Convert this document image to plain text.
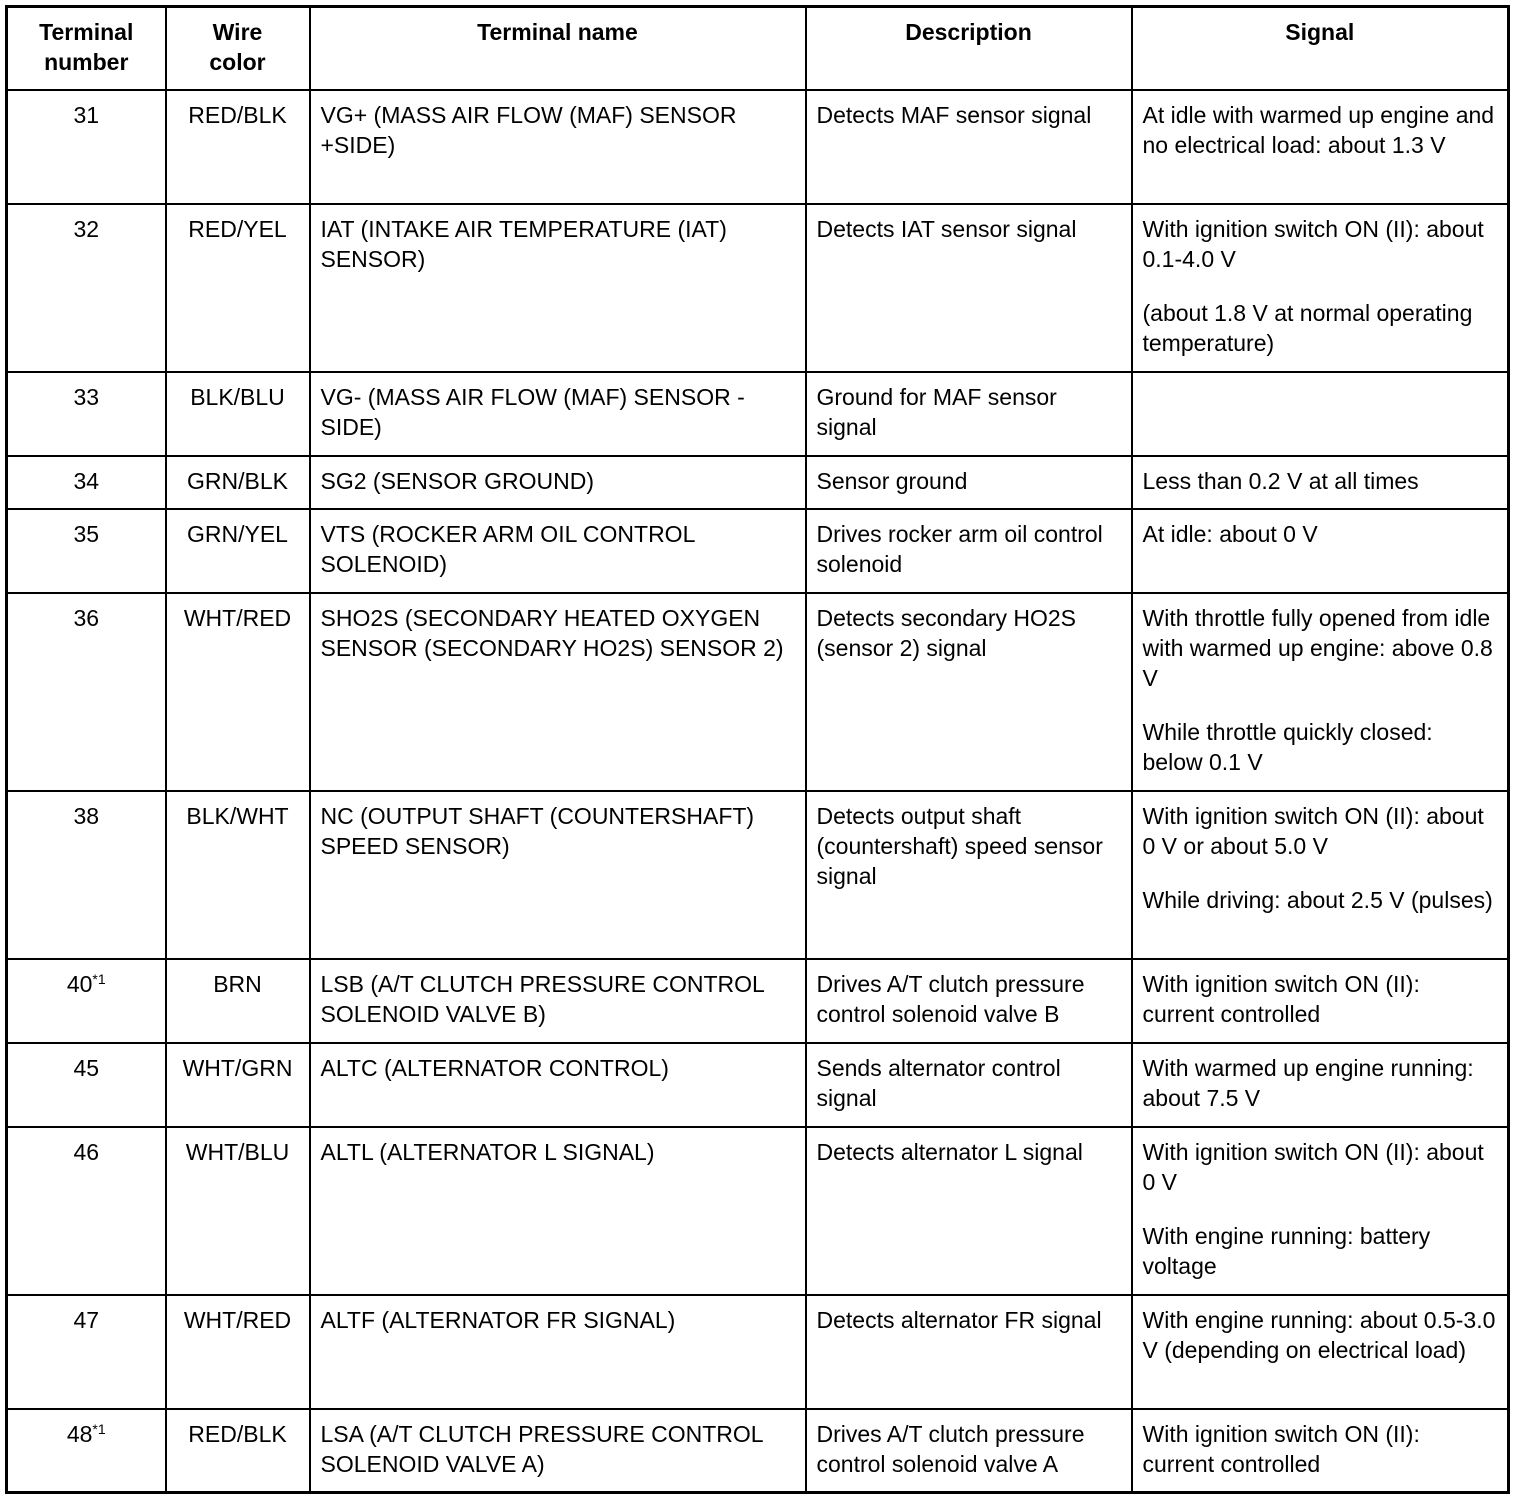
Terminal
number	Wire
color	Terminal name	Description	Signal
31	RED/BLK	VG+ (MASS AIR FLOW (MAF) SENSOR +SIDE)	Detects MAF sensor signal	At idle with warmed up engine and no electrical load: about 1.3 V

32	RED/YEL	IAT (INTAKE AIR TEMPERATURE (IAT) SENSOR)	Detects IAT sensor signal	With ignition switch ON (II): about 0.1-4.0 V

(about 1.8 V at normal operating temperature)

33	BLK/BLU	VG- (MASS AIR FLOW (MAF) SENSOR -SIDE)	Ground for MAF sensor signal	
34	GRN/BLK	SG2 (SENSOR GROUND)	Sensor ground	Less than 0.2 V at all times

35	GRN/YEL	VTS (ROCKER ARM OIL CONTROL SOLENOID)	Drives rocker arm oil control solenoid	At idle: about 0 V

36	WHT/RED	SHO2S (SECONDARY HEATED OXYGEN SENSOR (SECONDARY HO2S) SENSOR 2)	Detects secondary HO2S (sensor 2) signal	With throttle fully opened from idle with warmed up engine: above 0.8 V

While throttle quickly closed: below 0.1 V

38	BLK/WHT	NC (OUTPUT SHAFT (COUNTERSHAFT) SPEED SENSOR)	Detects output shaft (countershaft) speed sensor signal	With ignition switch ON (II): about 0 V or about 5.0 V

While driving: about 2.5 V (pulses)

40$^{*1}$	BRN	LSB (A/T CLUTCH PRESSURE CONTROL SOLENOID VALVE B)	Drives A/T clutch pressure control solenoid valve B	With ignition switch ON (II): current controlled

45	WHT/GRN	ALTC (ALTERNATOR CONTROL)	Sends alternator control signal	With warmed up engine running: about 7.5 V

46	WHT/BLU	ALTL (ALTERNATOR L SIGNAL)	Detects alternator L signal	With ignition switch ON (II): about 0 V

With engine running: battery voltage

47	WHT/RED	ALTF (ALTERNATOR FR SIGNAL)	Detects alternator FR signal	With engine running: about 0.5-3.0 V (depending on electrical load)

48$^{*1}$	RED/BLK	LSA (A/T CLUTCH PRESSURE CONTROL SOLENOID VALVE A)	Drives A/T clutch pressure control solenoid valve A	With ignition switch ON (II): current controlled
